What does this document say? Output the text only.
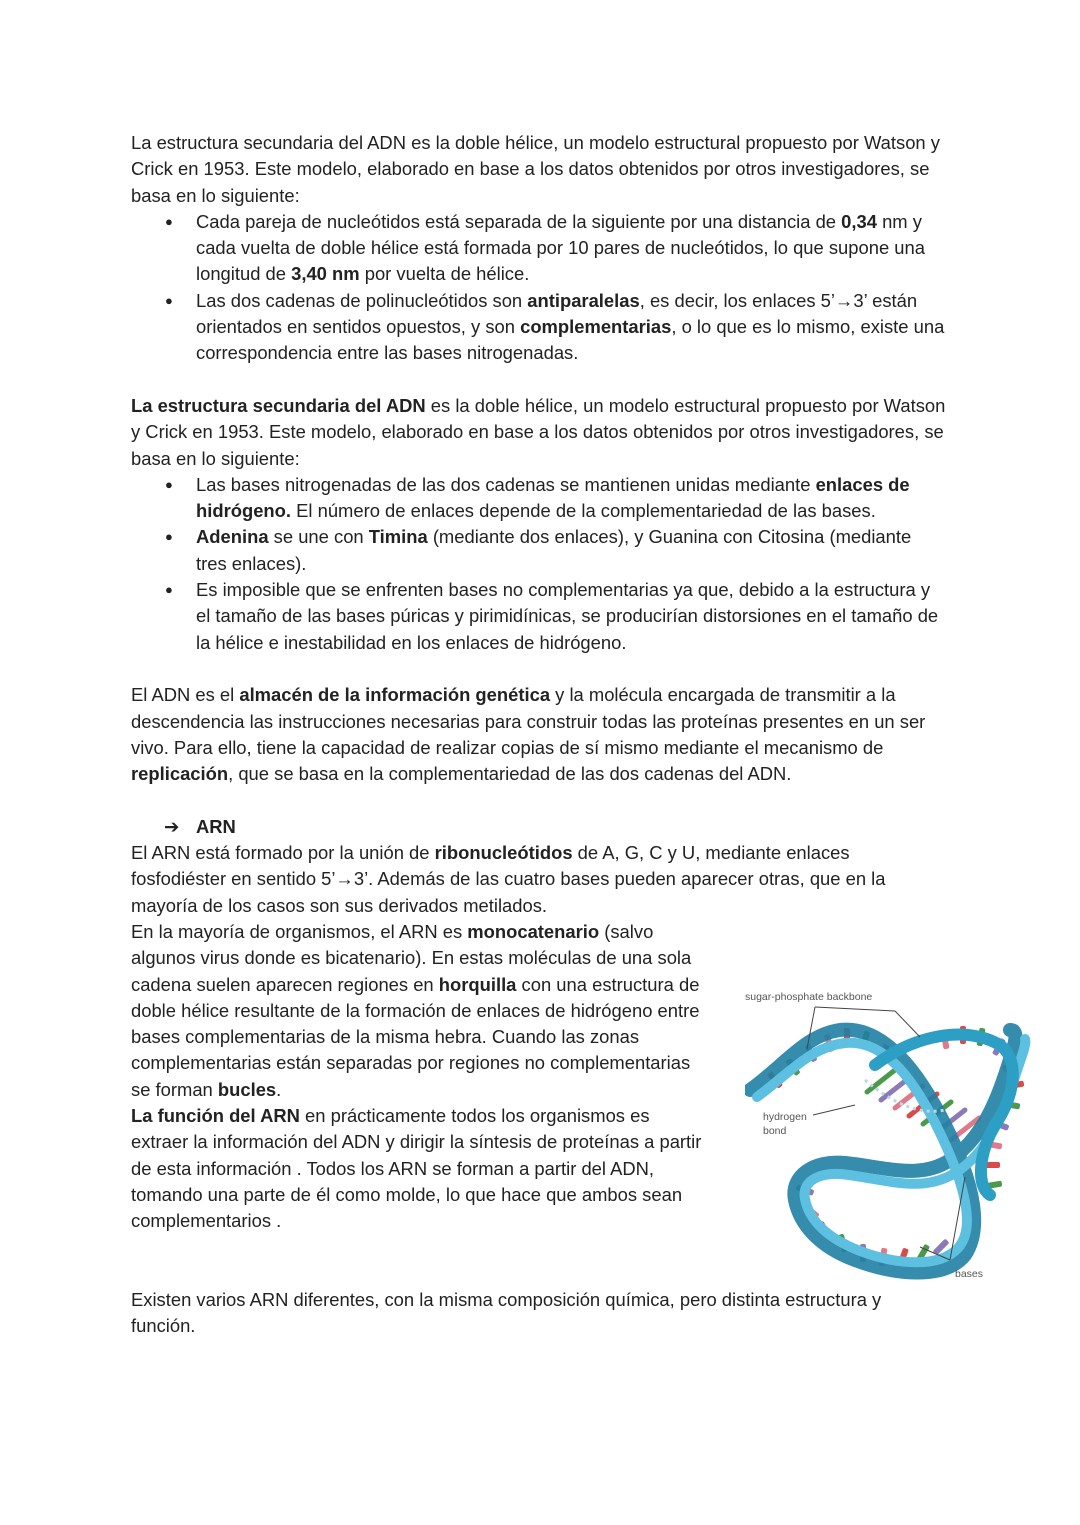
La estructura secundaria del ADN es la doble hélice, un modelo estructural propuesto por Watson y Crick en 1953. Este modelo, elaborado en base a los datos obtenidos por otros investigadores, se basa en lo siguiente:

● Cada pareja de nucleótidos está separada de la siguiente por una distancia de 0,34 nm y cada vuelta de doble hélice está formada por 10 pares de nucleótidos, lo que supone una longitud de 3,40 nm por vuelta de hélice.
● Las dos cadenas de polinucleótidos son antiparalelas, es decir, los enlaces 5’→3’ están orientados en sentidos opuestos, y son complementarias, o lo que es lo mismo, existe una correspondencia entre las bases nitrogenadas.

La estructura secundaria del ADN es la doble hélice, un modelo estructural propuesto por Watson y Crick en 1953. Este modelo, elaborado en base a los datos obtenidos por otros investigadores, se basa en lo siguiente:

● Las bases nitrogenadas de las dos cadenas se mantienen unidas mediante enlaces de hidrógeno. El número de enlaces depende de la complementariedad de las bases.
● Adenina se une con Timina (mediante dos enlaces), y Guanina con Citosina (mediante tres enlaces).
● Es imposible que se enfrenten bases no complementarias ya que, debido a la estructura y el tamaño de las bases púricas y pirimidínicas, se producirían distorsiones en el tamaño de la hélice e inestabilidad en los enlaces de hidrógeno.

El ADN es el almacén de la información genética y la molécula encargada de transmitir a la descendencia las instrucciones necesarias para construir todas las proteínas presentes en un ser vivo. Para ello, tiene la capacidad de realizar copias de sí mismo mediante el mecanismo de replicación, que se basa en la complementariedad de las dos cadenas del ADN.

➔ ARN

El ARN está formado por la unión de ribonucleótidos de A, G, C y U, mediante enlaces fosfodiéster en sentido 5’→3’. Además de las cuatro bases pueden aparecer otras, que en la mayoría de los casos son sus derivados metilados.

En la mayoría de organismos, el ARN es monocatenario (salvo algunos virus donde es bicatenario). En estas moléculas de una sola cadena suelen aparecen regiones en horquilla con una estructura de doble hélice resultante de la formación de enlaces de hidrógeno entre bases complementarias de la misma hebra. Cuando las zonas complementarias están separadas por regiones no complementarias se forman bucles.

La función del ARN en prácticamente todos los organismos es extraer la información del ADN y dirigir la síntesis de proteínas a partir de esta información . Todos los ARN se forman a partir del ADN, tomando una parte de él como molde, lo que hace que ambos sean complementarios .

Existen varios ARN diferentes, con la misma composición química, pero distinta estructura y función.

sugar-phosphate backbone
hydrogen
bond
bases
